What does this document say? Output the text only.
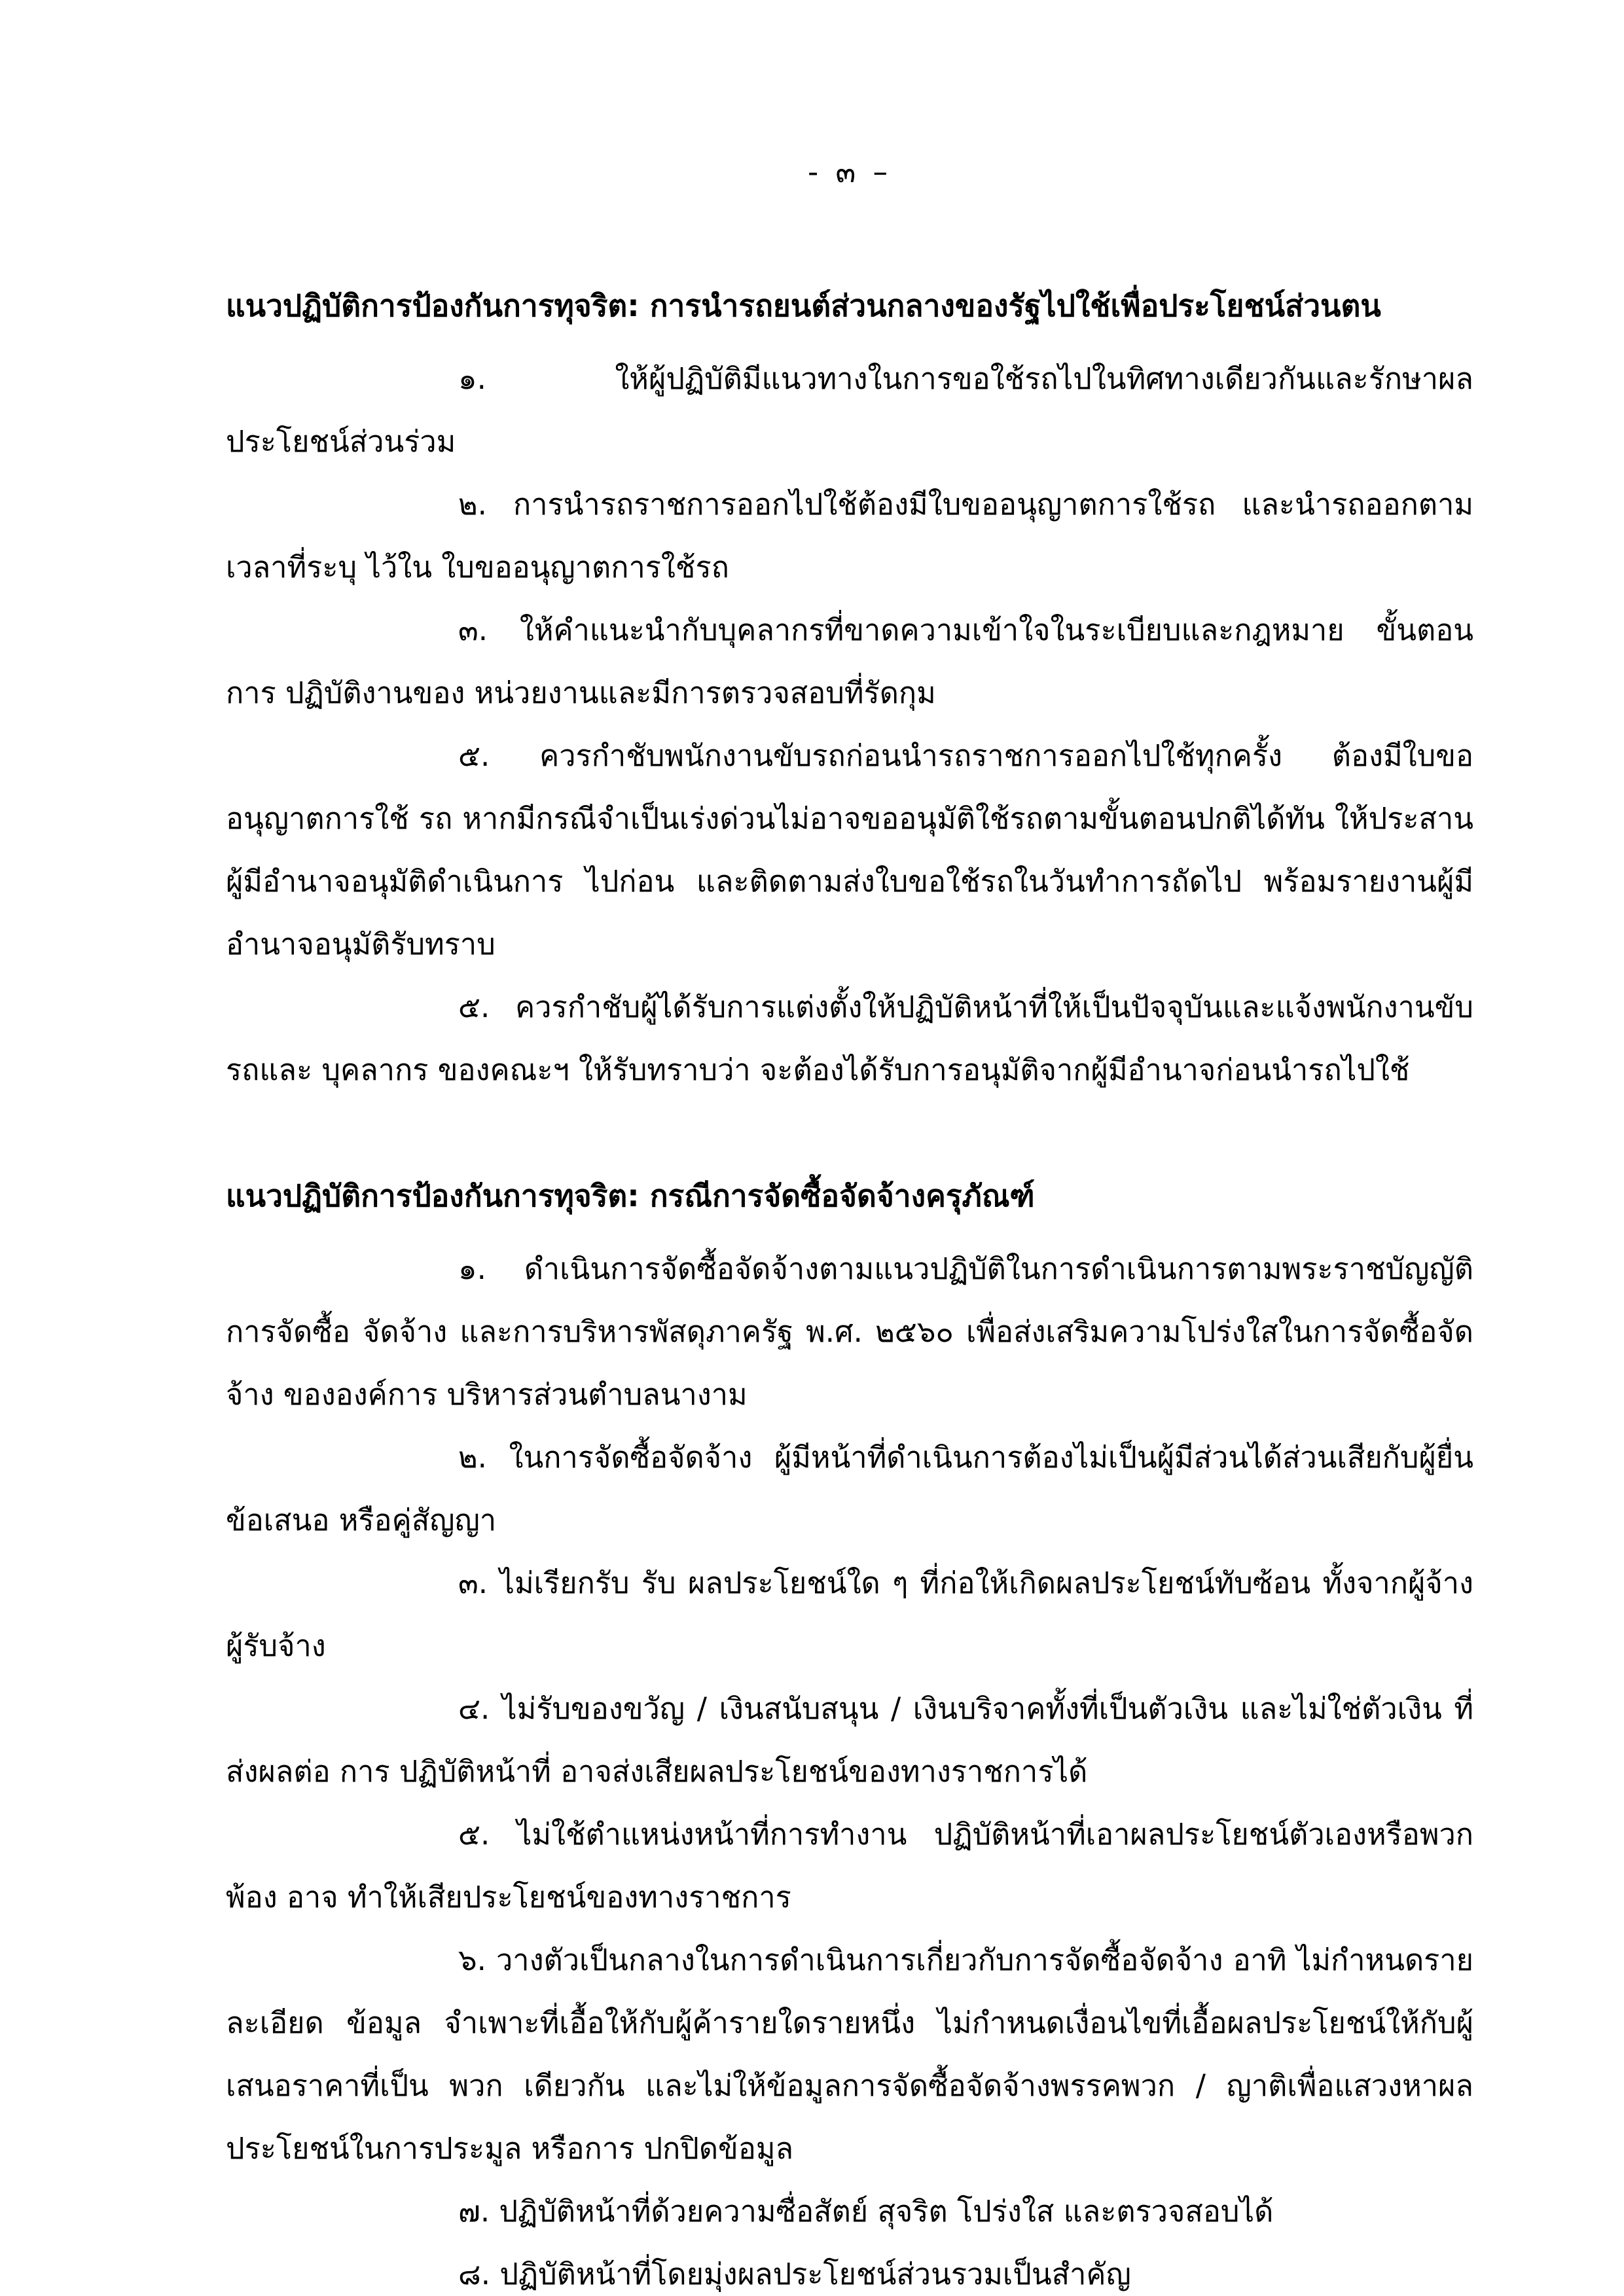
- ๓ –
แนวปฏิบัติการป้องกันการทุจริต: การนำรถยนต์ส่วนกลางของรัฐไปใช้เพื่อประโยชน์ส่วนตน

๑. ให้ผู้ปฏิบัติมีแนวทางในการขอใช้รถไปในทิศทางเดียวกันและรักษาผลประโยชน์ส่วนร่วม

๒. การนำรถราชการออกไปใช้ต้องมีใบขออนุญาตการใช้รถ และนำรถออกตามเวลาที่ระบุ ไว้ใน ใบขออนุญาตการใช้รถ

๓. ให้คำแนะนำกับบุคลากรที่ขาดความเข้าใจในระเบียบและกฎหมาย ขั้นตอนการ ปฏิบัติงานของ หน่วยงานและมีการตรวจสอบที่รัดกุม

๕. ควรกำชับพนักงานขับรถก่อนนำรถราชการออกไปใช้ทุกครั้ง ต้องมีใบขออนุญาตการใช้ รถ หากมีกรณีจำเป็นเร่งด่วนไม่อาจขออนุมัติใช้รถตามขั้นตอนปกติได้ทัน ให้ประสานผู้มีอำนาจอนุมัติดำเนินการ ไปก่อน และติดตามส่งใบขอใช้รถในวันทำการถัดไป พร้อมรายงานผู้มีอำนาจอนุมัติรับทราบ

๕. ควรกำชับผู้ได้รับการแต่งตั้งให้ปฏิบัติหน้าที่ให้เป็นปัจจุบันและแจ้งพนักงานขับรถและ บุคลากร ของคณะฯ ให้รับทราบว่า จะต้องได้รับการอนุมัติจากผู้มีอำนาจก่อนนำรถไปใช้

แนวปฏิบัติการป้องกันการทุจริต: กรณีการจัดซื้อจัดจ้างครุภัณฑ์

๑. ดำเนินการจัดซื้อจัดจ้างตามแนวปฏิบัติในการดำเนินการตามพระราชบัญญัติการจัดซื้อ จัดจ้าง และการบริหารพัสดุภาครัฐ พ.ศ. ๒๕๖๐ เพื่อส่งเสริมความโปร่งใสในการจัดซื้อจัดจ้าง ขององค์การ บริหารส่วนตำบลนางาม

๒. ในการจัดซื้อจัดจ้าง ผู้มีหน้าที่ดำเนินการต้องไม่เป็นผู้มีส่วนได้ส่วนเสียกับผู้ยื่นข้อเสนอ หรือคู่สัญญา

๓. ไม่เรียกรับ รับ ผลประโยชน์ใด ๆ ที่ก่อให้เกิดผลประโยชน์ทับซ้อน ทั้งจากผู้จ้าง ผู้รับจ้าง

๔. ไม่รับของขวัญ / เงินสนับสนุน / เงินบริจาคทั้งที่เป็นตัวเงิน และไม่ใช่ตัวเงิน ที่ส่งผลต่อ การ ปฏิบัติหน้าที่ อาจส่งเสียผลประโยชน์ของทางราชการได้

๕. ไม่ใช้ตำแหน่งหน้าที่การทำงาน ปฏิบัติหน้าที่เอาผลประโยชน์ตัวเองหรือพวกพ้อง อาจ ทำให้เสียประโยชน์ของทางราชการ

๖. วางตัวเป็นกลางในการดำเนินการเกี่ยวกับการจัดซื้อจัดจ้าง อาทิ ไม่กำหนดรายละเอียด ข้อมูล จำเพาะที่เอื้อให้กับผู้ค้ารายใดรายหนึ่ง ไม่กำหนดเงื่อนไขที่เอื้อผลประโยชน์ให้กับผู้เสนอราคาที่เป็น พวก เดียวกัน และไม่ให้ข้อมูลการจัดซื้อจัดจ้างพรรคพวก / ญาติเพื่อแสวงหาผลประโยชน์ในการประมูล หรือการ ปกปิดข้อมูล

๗. ปฏิบัติหน้าที่ด้วยความซื่อสัตย์ สุจริต โปร่งใส และตรวจสอบได้

๘. ปฏิบัติหน้าที่โดยมุ่งผลประโยชน์ส่วนรวมเป็นสำคัญ
